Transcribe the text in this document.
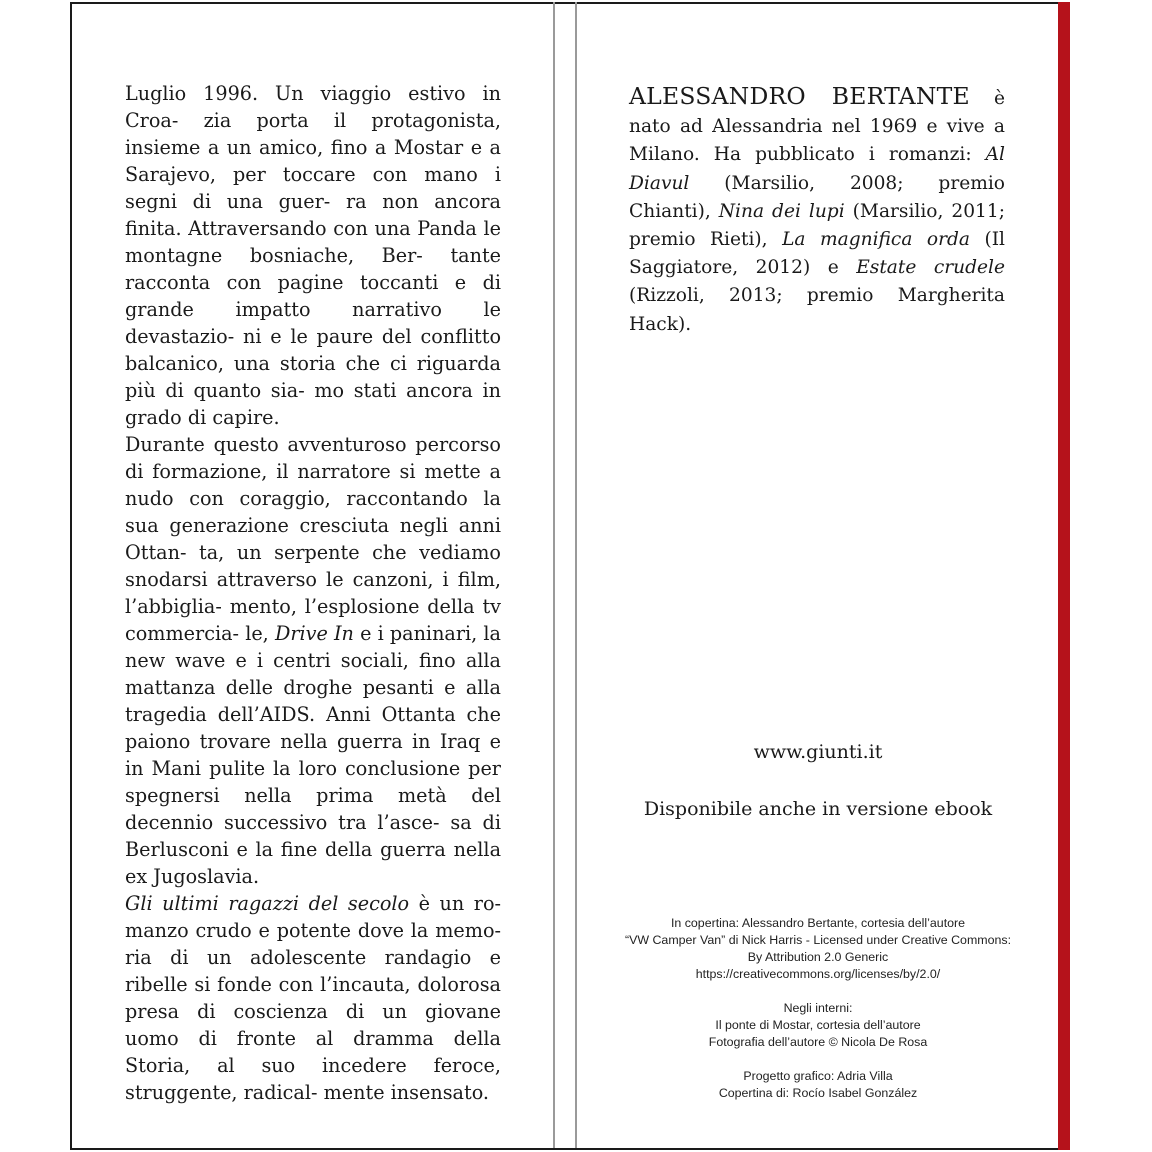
Luglio 1996. Un viaggio estivo in Croa- zia porta il protagonista, insieme a un amico, fino a Mostar e a Sarajevo, per toccare con mano i segni di una guer- ra non ancora finita. Attraversando con una Panda le montagne bosniache, Ber- tante racconta con pagine toccanti e di grande impatto narrativo le devastazio- ni e le paure del conflitto balcanico, una storia che ci riguarda più di quanto sia- mo stati ancora in grado di capire.

Durante questo avventuroso percorso di formazione, il narratore si mette a nudo con coraggio, raccontando la sua generazione cresciuta negli anni Ottan- ta, un serpente che vediamo snodarsi attraverso le canzoni, i film, l’abbiglia- mento, l’esplosione della tv commercia- le, Drive In e i paninari, la new wave e i centri sociali, fino alla mattanza delle droghe pesanti e alla tragedia dell’AIDS. Anni Ottanta che paiono trovare nella guerra in Iraq e in Mani pulite la loro conclusione per spegnersi nella prima metà del decennio successivo tra l’asce- sa di Berlusconi e la fine della guerra nella ex Jugoslavia.

Gli ultimi ragazzi del secolo è un ro- manzo crudo e potente dove la memo- ria di un adolescente randagio e ribelle si fonde con l’incauta, dolorosa presa di coscienza di un giovane uomo di fronte al dramma della Storia, al suo incedere feroce, struggente, radical- mente insensato.

ALESSANDRO BERTANTE è nato ad Alessandria nel 1969 e vive a Milano. Ha pubblicato i romanzi: Al Diavul (Marsilio, 2008; premio Chianti), Nina dei lupi (Marsilio, 2011; premio Rieti), La magnifica orda (Il Saggiatore, 2012) e Estate crudele (Rizzoli, 2013; premio Margherita Hack).
www.giunti.it
Disponibile anche in versione ebook
In copertina: Alessandro Bertante, cortesia dell’autore
“VW Camper Van” di Nick Harris - Licensed under Creative Commons:
By Attribution 2.0 Generic
https://creativecommons.org/licenses/by/2.0/
Negli interni:
Il ponte di Mostar, cortesia dell’autore
Fotografia dell’autore © Nicola De Rosa
Progetto grafico: Adria Villa
Copertina di: Rocío Isabel González
